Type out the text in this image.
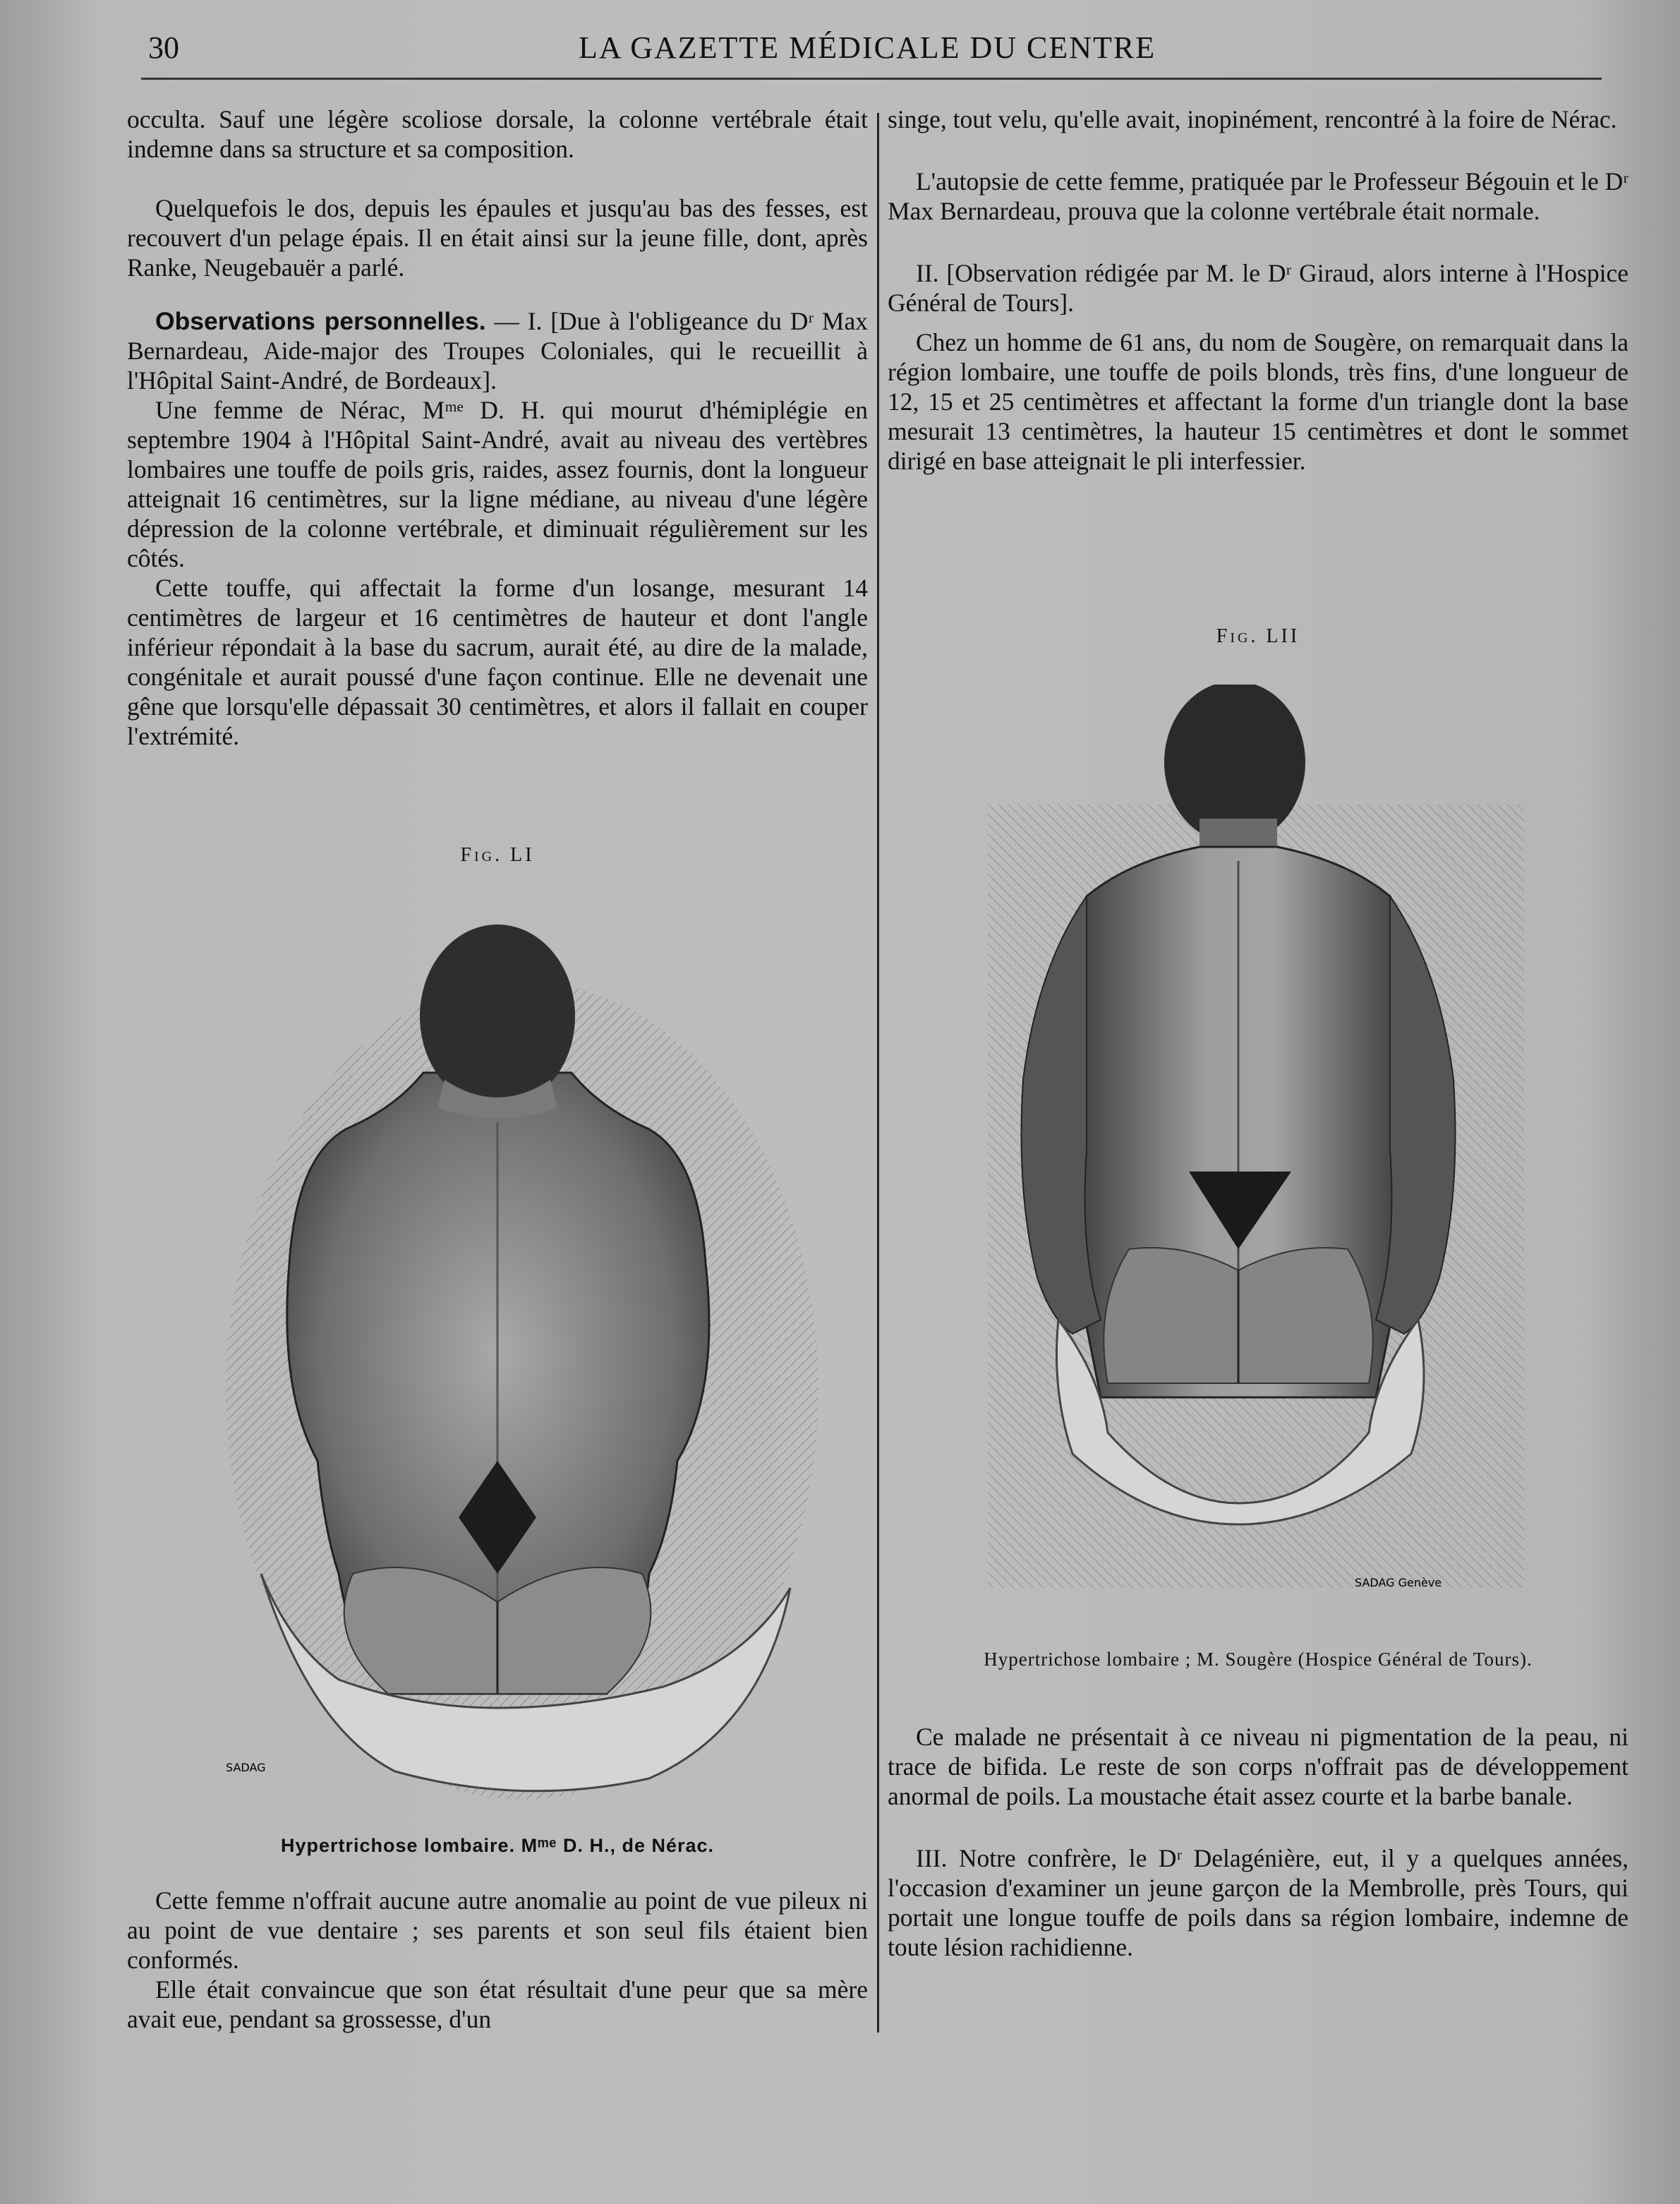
30	LA GAZETTE MÉDICALE DU CENTRE

occulta. Sauf une légère scoliose dorsale, la colonne vertébrale était indemne dans sa structure et sa composition.

Quelquefois le dos, depuis les épaules et jusqu'au bas des fesses, est recouvert d'un pelage épais. Il en était ainsi sur la jeune fille, dont, après Ranke, Neugebauër a parlé.

Observations personnelles. — I. [Due à l'obligeance du Dʳ Max Bernardeau, Aide-major des Troupes Coloniales, qui le recueillit à l'Hôpital Saint-André, de Bordeaux].

Une femme de Nérac, Mᵐᵉ D. H. qui mourut d'hémiplégie en septembre 1904 à l'Hôpital Saint-André, avait au niveau des vertèbres lombaires une touffe de poils gris, raides, assez fournis, dont la longueur atteignait 16 centimètres, sur la ligne médiane, au niveau d'une légère dépression de la colonne vertébrale, et diminuait régulièrement sur les côtés.

Cette touffe, qui affectait la forme d'un losange, mesurant 14 centimètres de largeur et 16 centimètres de hauteur et dont l'angle inférieur répondait à la base du sacrum, aurait été, au dire de la malade, congénitale et aurait poussé d'une façon continue. Elle ne devenait une gêne que lorsqu'elle dépassait 30 centimètres, et alors il fallait en couper l'extrémité.

Fig. LI
SADAG
Hypertrichose lombaire. Mᵐᵉ D. H., de Nérac.

Cette femme n'offrait aucune autre anomalie au point de vue pileux ni au point de vue dentaire ; ses parents et son seul fils étaient bien conformés.

Elle était convaincue que son état résultait d'une peur que sa mère avait eue, pendant sa grossesse, d'un

singe, tout velu, qu'elle avait, inopinément, rencontré à la foire de Nérac.

L'autopsie de cette femme, pratiquée par le Professeur Bégouin et le Dʳ Max Bernardeau, prouva que la colonne vertébrale était normale.

II. [Observation rédigée par M. le Dʳ Giraud, alors interne à l'Hospice Général de Tours].

Chez un homme de 61 ans, du nom de Sougère, on remarquait dans la région lombaire, une touffe de poils blonds, très fins, d'une longueur de 12, 15 et 25 centimètres et affectant la forme d'un triangle dont la base mesurait 13 centimètres, la hauteur 15 centimètres et dont le sommet dirigé en base atteignait le pli interfessier.

Fig. LII
SADAG Genève
Hypertrichose lombaire ; M. Sougère (Hospice Général de Tours).

Ce malade ne présentait à ce niveau ni pigmentation de la peau, ni trace de bifida. Le reste de son corps n'offrait pas de développement anormal de poils. La moustache était assez courte et la barbe banale.

III. Notre confrère, le Dʳ Delagénière, eut, il y a quelques années, l'occasion d'examiner un jeune garçon de la Membrolle, près Tours, qui portait une longue touffe de poils dans sa région lombaire, indemne de toute lésion rachidienne.
